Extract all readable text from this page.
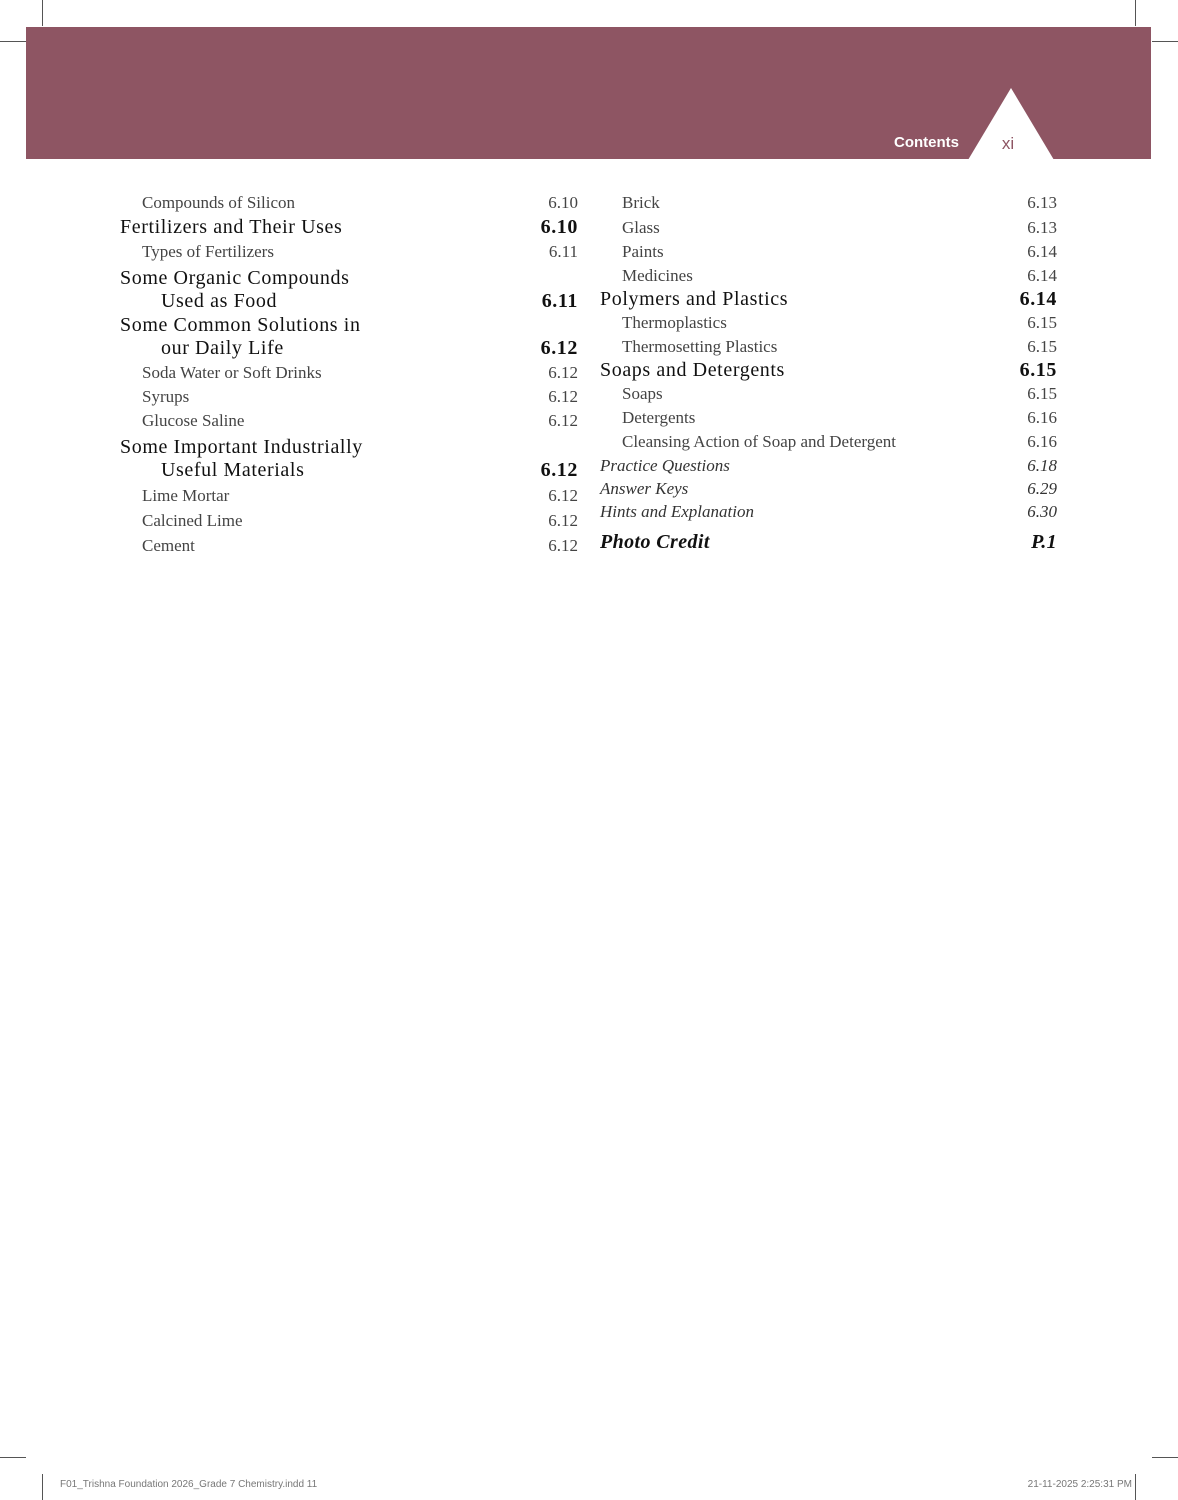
Contents	xi
Compounds of Silicon	6.10
Fertilizers and Their Uses	6.10
Types of Fertilizers	6.11
Some Organic Compounds
Used as Food	6.11
Some Common Solutions in
our Daily Life	6.12
Soda Water or Soft Drinks	6.12
Syrups	6.12
Glucose Saline	6.12
Some Important Industrially
Useful Materials	6.12
Lime Mortar	6.12
Calcined Lime	6.12
Cement	6.12
Brick	6.13
Glass	6.13
Paints	6.14
Medicines	6.14
Polymers and Plastics	6.14
Thermoplastics	6.15
Thermosetting Plastics	6.15
Soaps and Detergents	6.15
Soaps	6.15
Detergents	6.16
Cleansing Action of Soap and Detergent	6.16
Practice Questions	6.18
Answer Keys	6.29
Hints and Explanation	6.30
Photo Credit	P.1
F01_Trishna Foundation 2026_Grade 7 Chemistry.indd 11	21-11-2025 2:25:31 PM
